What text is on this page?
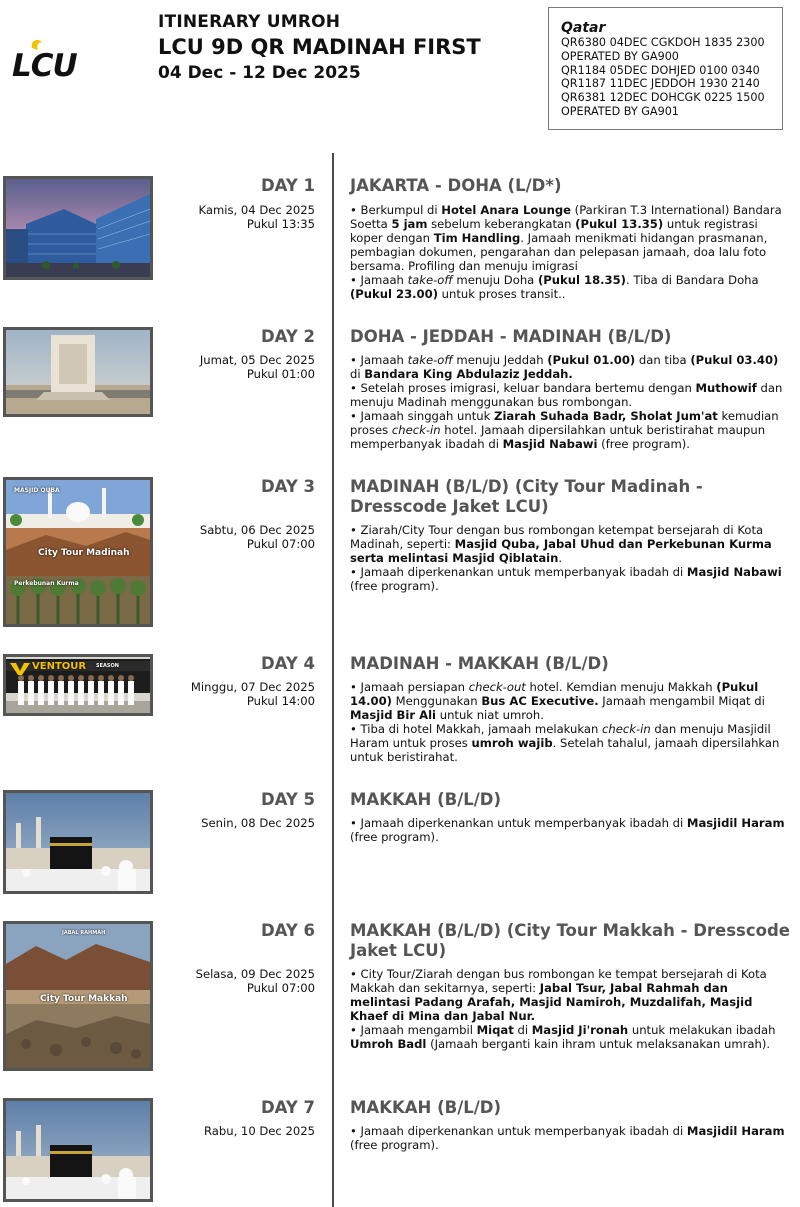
LCU
ITINERARY UMROH
LCU 9D QR MADINAH FIRST
04 Dec - 12 Dec 2025
Qatar
QR6380 04DEC CGKDOH 1835 2300
OPERATED BY GA900
QR1184 05DEC DOHJED 0100 0340
QR1187 11DEC JEDDOH 1930 2140
QR6381 12DEC DOHCGK 0225 1500
OPERATED BY GA901
DAY 1
Kamis, 04 Dec 2025
Pukul 13:35
JAKARTA - DOHA (L/D*)

• Berkumpul di Hotel Anara Lounge (Parkiran T.3 International) Bandara Soetta 5 jam sebelum keberangkatan (Pukul 13.35) untuk registrasi koper dengan Tim Handling. Jamaah menikmati hidangan prasmanan, pembagian dokumen, pengarahan dan pelepasan jamaah, doa lalu foto bersama. Profiling dan menuju imigrasi

• Jamaah take-off menuju Doha (Pukul 18.35). Tiba di Bandara Doha (Pukul 23.00) untuk proses transit..

DAY 2
Jumat, 05 Dec 2025
Pukul 01:00
DOHA - JEDDAH - MADINAH (B/L/D)

• Jamaah take-off menuju Jeddah (Pukul 01.00) dan tiba (Pukul 03.40) di Bandara King Abdulaziz Jeddah.

• Setelah proses imigrasi, keluar bandara bertemu dengan Muthowif dan menuju Madinah menggunakan bus rombongan.

• Jamaah singgah untuk Ziarah Suhada Badr, Sholat Jum'at kemudian proses check-in hotel. Jamaah dipersilahkan untuk beristirahat maupun memperbanyak ibadah di Masjid Nabawi (free program).

MASJID QUBA
City Tour Madinah
Perkebunan Kurma
DAY 3
Sabtu, 06 Dec 2025
Pukul 07:00
MADINAH (B/L/D) (City Tour Madinah - Dresscode Jaket LCU)

• Ziarah/City Tour dengan bus rombongan ketempat bersejarah di Kota Madinah, seperti: Masjid Quba, Jabal Uhud dan Perkebunan Kurma serta melintasi Masjid Qiblatain.

• Jamaah diperkenankan untuk memperbanyak ibadah di Masjid Nabawi (free program).

VENTOUR SEASON	DAY 4
Minggu, 07 Dec 2025
Pukul 14:00
MADINAH - MAKKAH (B/L/D)

• Jamaah persiapan check-out hotel. Kemdian menuju Makkah (Pukul 14.00) Menggunakan Bus AC Executive. Jamaah mengambil Miqat di Masjid Bir Ali untuk niat umroh.

• Tiba di hotel Makkah, jamaah melakukan check-in dan menuju Masjidil Haram untuk proses umroh wajib. Setelah tahalul, jamaah dipersilahkan untuk beristirahat.

DAY 5
Senin, 08 Dec 2025
MAKKAH (B/L/D)

• Jamaah diperkenankan untuk memperbanyak ibadah di Masjidil Haram (free program).

JABAL RAHMAH
City Tour Makkah
DAY 6
Selasa, 09 Dec 2025
Pukul 07:00
MAKKAH (B/L/D) (City Tour Makkah - Dresscode Jaket LCU)

• City Tour/Ziarah dengan bus rombongan ke tempat bersejarah di Kota Makkah dan sekitarnya, seperti: Jabal Tsur, Jabal Rahmah dan melintasi Padang Arafah, Masjid Namiroh, Muzdalifah, Masjid Khaef di Mina dan Jabal Nur.

• Jamaah mengambil Miqat di Masjid Ji'ronah untuk melakukan ibadah Umroh Badl (Jamaah berganti kain ihram untuk melaksanakan umrah).

DAY 7
Rabu, 10 Dec 2025
MAKKAH (B/L/D)

• Jamaah diperkenankan untuk memperbanyak ibadah di Masjidil Haram (free program).
